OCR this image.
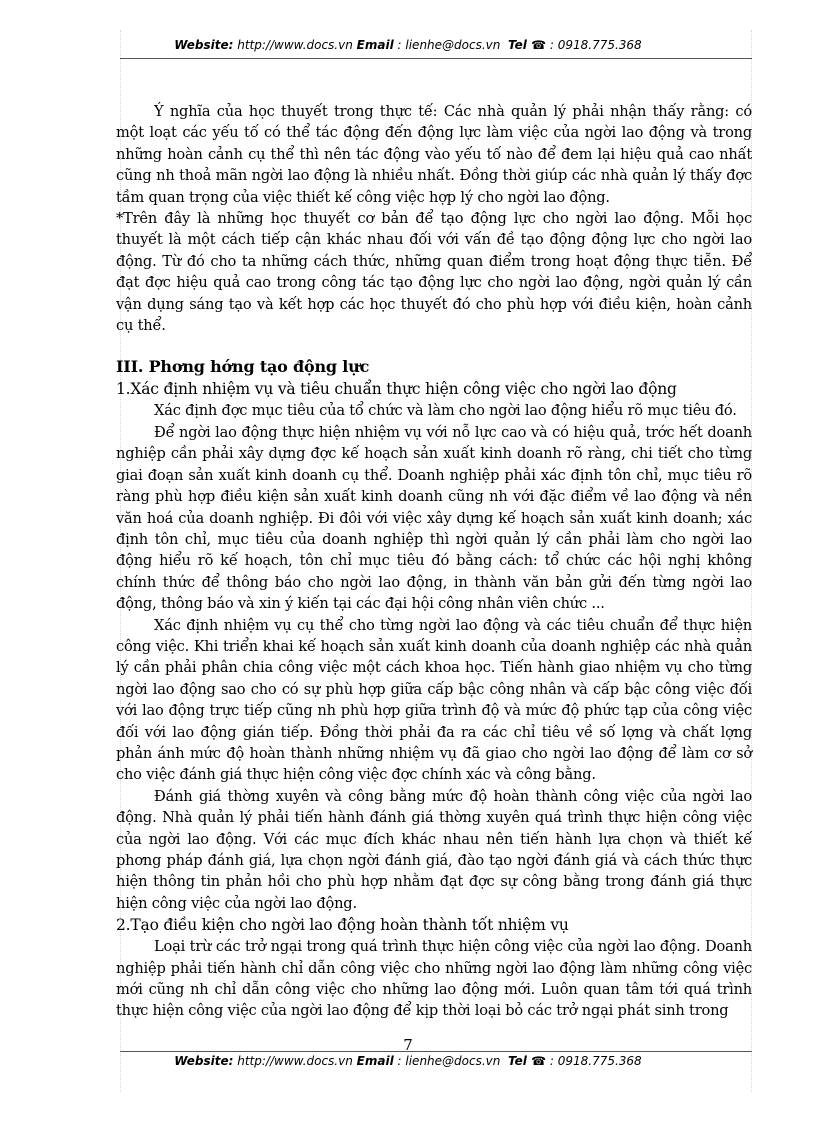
Website: http://www.docs.vn Email : lienhe@docs.vn Tel ☎ : 0918.775.368

Ý nghĩa của học thuyết trong thực tế: Các nhà quản lý phải nhận thấy rằng: có một loạt các yếu tố có thể tác động đến động lực làm việc của ngời lao động và trong những hoàn cảnh cụ thể thì nên tác động vào yếu tố nào để đem lại hiệu quả cao nhất cũng nh thoả mãn ngời lao động là nhiều nhất. Đồng thời giúp các nhà quản lý thấy đợc tầm quan trọng của việc thiết kế công việc hợp lý cho ngời lao động.

*Trên đây là những học thuyết cơ bản để tạo động lực cho ngời lao động. Mỗi học thuyết là một cách tiếp cận khác nhau đối với vấn đề tạo động động lực cho ngời lao động. Từ đó cho ta những cách thức, những quan điểm trong hoạt động thực tiễn. Để đạt đợc hiệu quả cao trong công tác tạo động lực cho ngời lao động, ngời quản lý cần vận dụng sáng tạo và kết hợp các học thuyết đó cho phù hợp với điều kiện, hoàn cảnh cụ thể.

III. Phơng hớng tạo động lực

1.Xác định nhiệm vụ và tiêu chuẩn thực hiện công việc cho ngời lao động

Xác định đợc mục tiêu của tổ chức và làm cho ngời lao động hiểu rõ mục tiêu đó.

Để ngời lao động thực hiện nhiệm vụ với nỗ lực cao và có hiệu quả, trớc hết doanh nghiệp cần phải xây dựng đợc kế hoạch sản xuất kinh doanh rõ ràng, chi tiết cho từng giai đoạn sản xuất kinh doanh cụ thể. Doanh nghiệp phải xác định tôn chỉ, mục tiêu rõ ràng phù hợp điều kiện sản xuất kinh doanh cũng nh với đặc điểm về lao động và nền văn hoá của doanh nghiệp. Đi đôi với việc xây dựng kế hoạch sản xuất kinh doanh; xác định tôn chỉ, mục tiêu của doanh nghiệp thì ngời quản lý cần phải làm cho ngời lao động hiểu rõ kế hoạch, tôn chỉ mục tiêu đó bằng cách: tổ chức các hội nghị không chính thức để thông báo cho ngời lao động, in thành văn bản gửi đến từng ngời lao động, thông báo và xin ý kiến tại các đại hội công nhân viên chức ...

Xác định nhiệm vụ cụ thể cho từng ngời lao động và các tiêu chuẩn để thực hiện công việc. Khi triển khai kế hoạch sản xuất kinh doanh của doanh nghiệp các nhà quản lý cần phải phân chia công việc một cách khoa học. Tiến hành giao nhiệm vụ cho từng ngời lao động sao cho có sự phù hợp giữa cấp bậc công nhân và cấp bậc công việc đối với lao động trực tiếp cũng nh phù hợp giữa trình độ và mức độ phức tạp của công việc đối với lao động gián tiếp. Đồng thời phải đa ra các chỉ tiêu về số lợng và chất lợng phản ánh mức độ hoàn thành những nhiệm vụ đã giao cho ngời lao động để làm cơ sở cho việc đánh giá thực hiện công việc đợc chính xác và công bằng.

Đánh giá thờng xuyên và công bằng mức độ hoàn thành công việc của ngời lao động. Nhà quản lý phải tiến hành đánh giá thờng xuyên quá trình thực hiện công việc của ngời lao động. Với các mục đích khác nhau nên tiến hành lựa chọn và thiết kế phơng pháp đánh giá, lựa chọn ngời đánh giá, đào tạo ngời đánh giá và cách thức thực hiện thông tin phản hồi cho phù hợp nhằm đạt đợc sự công bằng trong đánh giá thực hiện công việc của ngời lao động.

2.Tạo điều kiện cho ngời lao động hoàn thành tốt nhiệm vụ

Loại trừ các trở ngại trong quá trình thực hiện công việc của ngời lao động. Doanh nghiệp phải tiến hành chỉ dẫn công việc cho những ngời lao động làm những công việc mới cũng nh chỉ dẫn công việc cho những lao động mới. Luôn quan tâm tới quá trình thực hiện công việc của ngời lao động để kịp thời loại bỏ các trở ngại phát sinh trong

7
Website: http://www.docs.vn Email : lienhe@docs.vn Tel ☎ : 0918.775.368
